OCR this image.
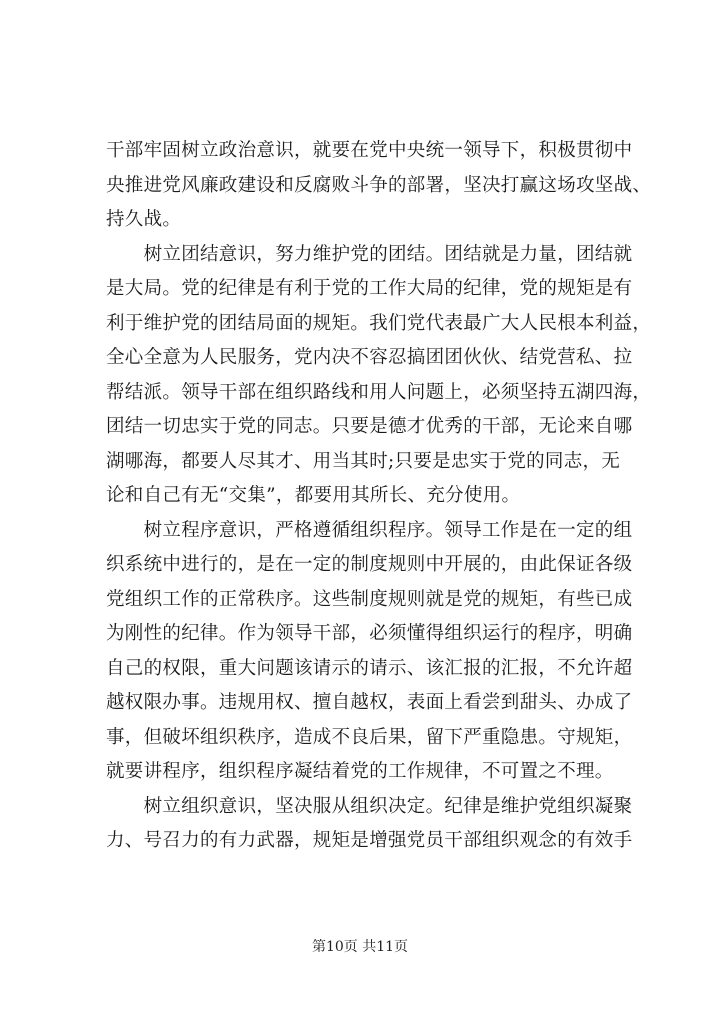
干部牢固树立政治意识，就要在党中央统一领导下，积极贯彻中
央推进党风廉政建设和反腐败斗争的部署，坚决打赢这场攻坚战、
持久战。
　　树立团结意识，努力维护党的团结。团结就是力量，团结就
是大局。党的纪律是有利于党的工作大局的纪律，党的规矩是有
利于维护党的团结局面的规矩。我们党代表最广大人民根本利益，
全心全意为人民服务，党内决不容忍搞团团伙伙、结党营私、拉
帮结派。领导干部在组织路线和用人问题上，必须坚持五湖四海，
团结一切忠实于党的同志。只要是德才优秀的干部，无论来自哪
湖哪海，都要人尽其才、用当其时;只要是忠实于党的同志，无
论和自己有无“交集”，都要用其所长、充分使用。
　　树立程序意识，严格遵循组织程序。领导工作是在一定的组
织系统中进行的，是在一定的制度规则中开展的，由此保证各级
党组织工作的正常秩序。这些制度规则就是党的规矩，有些已成
为刚性的纪律。作为领导干部，必须懂得组织运行的程序，明确
自己的权限，重大问题该请示的请示、该汇报的汇报，不允许超
越权限办事。违规用权、擅自越权，表面上看尝到甜头、办成了
事，但破坏组织秩序，造成不良后果，留下严重隐患。守规矩，
就要讲程序，组织程序凝结着党的工作规律，不可置之不理。
　　树立组织意识，坚决服从组织决定。纪律是维护党组织凝聚
力、号召力的有力武器，规矩是增强党员干部组织观念的有效手
第10页 共11页
